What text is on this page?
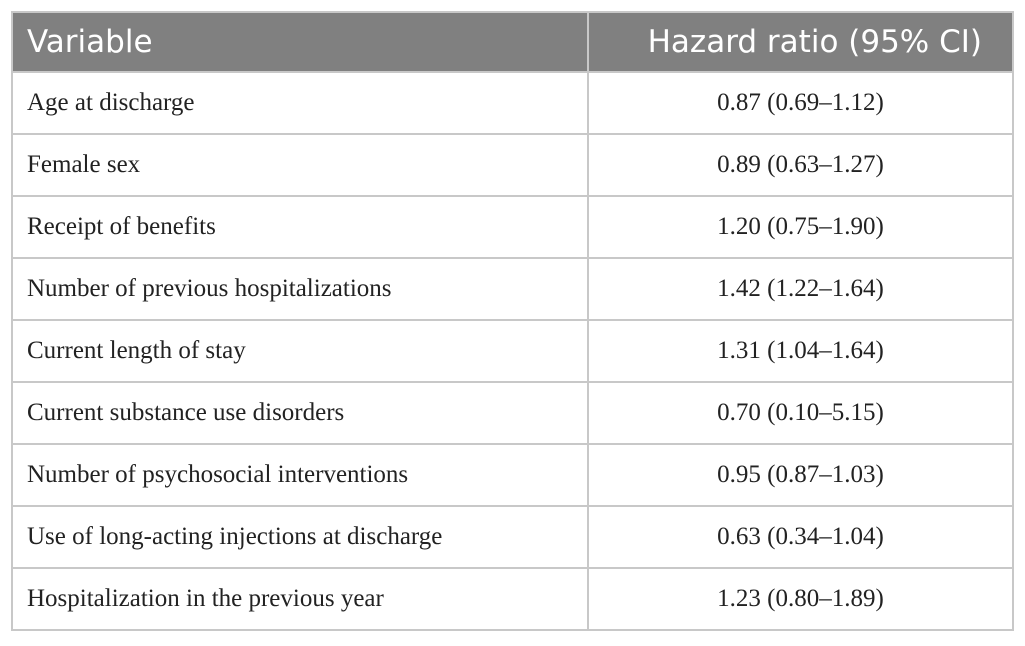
Variable	Hazard ratio (95% CI)
Age at discharge	0.87 (0.69–1.12)
Female sex	0.89 (0.63–1.27)
Receipt of benefits	1.20 (0.75–1.90)
Number of previous hospitalizations	1.42 (1.22–1.64)
Current length of stay	1.31 (1.04–1.64)
Current substance use disorders	0.70 (0.10–5.15)
Number of psychosocial interventions	0.95 (0.87–1.03)
Use of long-acting injections at discharge	0.63 (0.34–1.04)
Hospitalization in the previous year	1.23 (0.80–1.89)
